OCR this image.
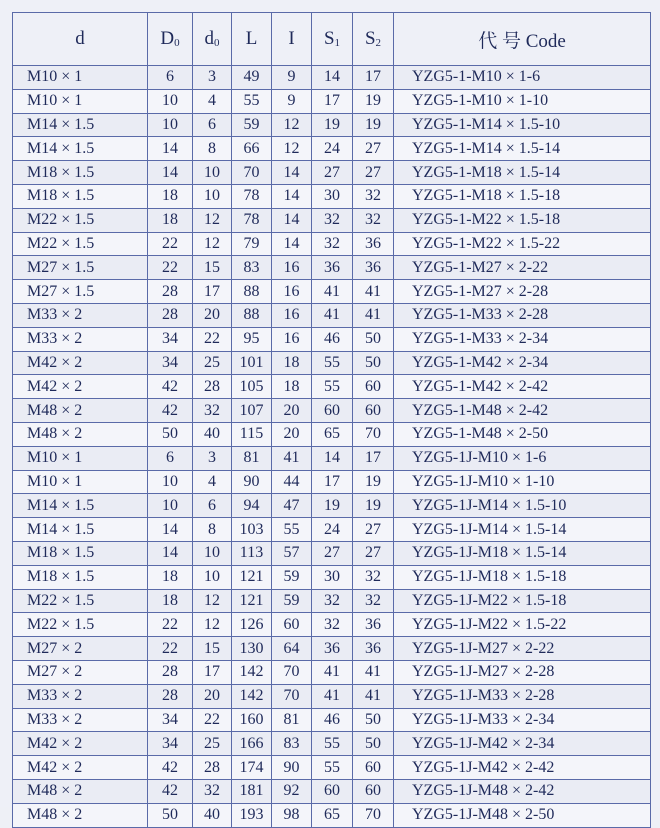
d	$D_0$	$d_0$	L	I	$S_1$	$S_2$	代 号 Code
M10 × 1	6	3	49	9	14	17	YZG5-1-M10 × 1-6
M10 × 1	10	4	55	9	17	19	YZG5-1-M10 × 1-10
M14 × 1.5	10	6	59	12	19	19	YZG5-1-M14 × 1.5-10
M14 × 1.5	14	8	66	12	24	27	YZG5-1-M14 × 1.5-14
M18 × 1.5	14	10	70	14	27	27	YZG5-1-M18 × 1.5-14
M18 × 1.5	18	10	78	14	30	32	YZG5-1-M18 × 1.5-18
M22 × 1.5	18	12	78	14	32	32	YZG5-1-M22 × 1.5-18
M22 × 1.5	22	12	79	14	32	36	YZG5-1-M22 × 1.5-22
M27 × 1.5	22	15	83	16	36	36	YZG5-1-M27 × 2-22
M27 × 1.5	28	17	88	16	41	41	YZG5-1-M27 × 2-28
M33 × 2	28	20	88	16	41	41	YZG5-1-M33 × 2-28
M33 × 2	34	22	95	16	46	50	YZG5-1-M33 × 2-34
M42 × 2	34	25	101	18	55	50	YZG5-1-M42 × 2-34
M42 × 2	42	28	105	18	55	60	YZG5-1-M42 × 2-42
M48 × 2	42	32	107	20	60	60	YZG5-1-M48 × 2-42
M48 × 2	50	40	115	20	65	70	YZG5-1-M48 × 2-50
M10 × 1	6	3	81	41	14	17	YZG5-1J-M10 × 1-6
M10 × 1	10	4	90	44	17	19	YZG5-1J-M10 × 1-10
M14 × 1.5	10	6	94	47	19	19	YZG5-1J-M14 × 1.5-10
M14 × 1.5	14	8	103	55	24	27	YZG5-1J-M14 × 1.5-14
M18 × 1.5	14	10	113	57	27	27	YZG5-1J-M18 × 1.5-14
M18 × 1.5	18	10	121	59	30	32	YZG5-1J-M18 × 1.5-18
M22 × 1.5	18	12	121	59	32	32	YZG5-1J-M22 × 1.5-18
M22 × 1.5	22	12	126	60	32	36	YZG5-1J-M22 × 1.5-22
M27 × 2	22	15	130	64	36	36	YZG5-1J-M27 × 2-22
M27 × 2	28	17	142	70	41	41	YZG5-1J-M27 × 2-28
M33 × 2	28	20	142	70	41	41	YZG5-1J-M33 × 2-28
M33 × 2	34	22	160	81	46	50	YZG5-1J-M33 × 2-34
M42 × 2	34	25	166	83	55	50	YZG5-1J-M42 × 2-34
M42 × 2	42	28	174	90	55	60	YZG5-1J-M42 × 2-42
M48 × 2	42	32	181	92	60	60	YZG5-1J-M48 × 2-42
M48 × 2	50	40	193	98	65	70	YZG5-1J-M48 × 2-50
